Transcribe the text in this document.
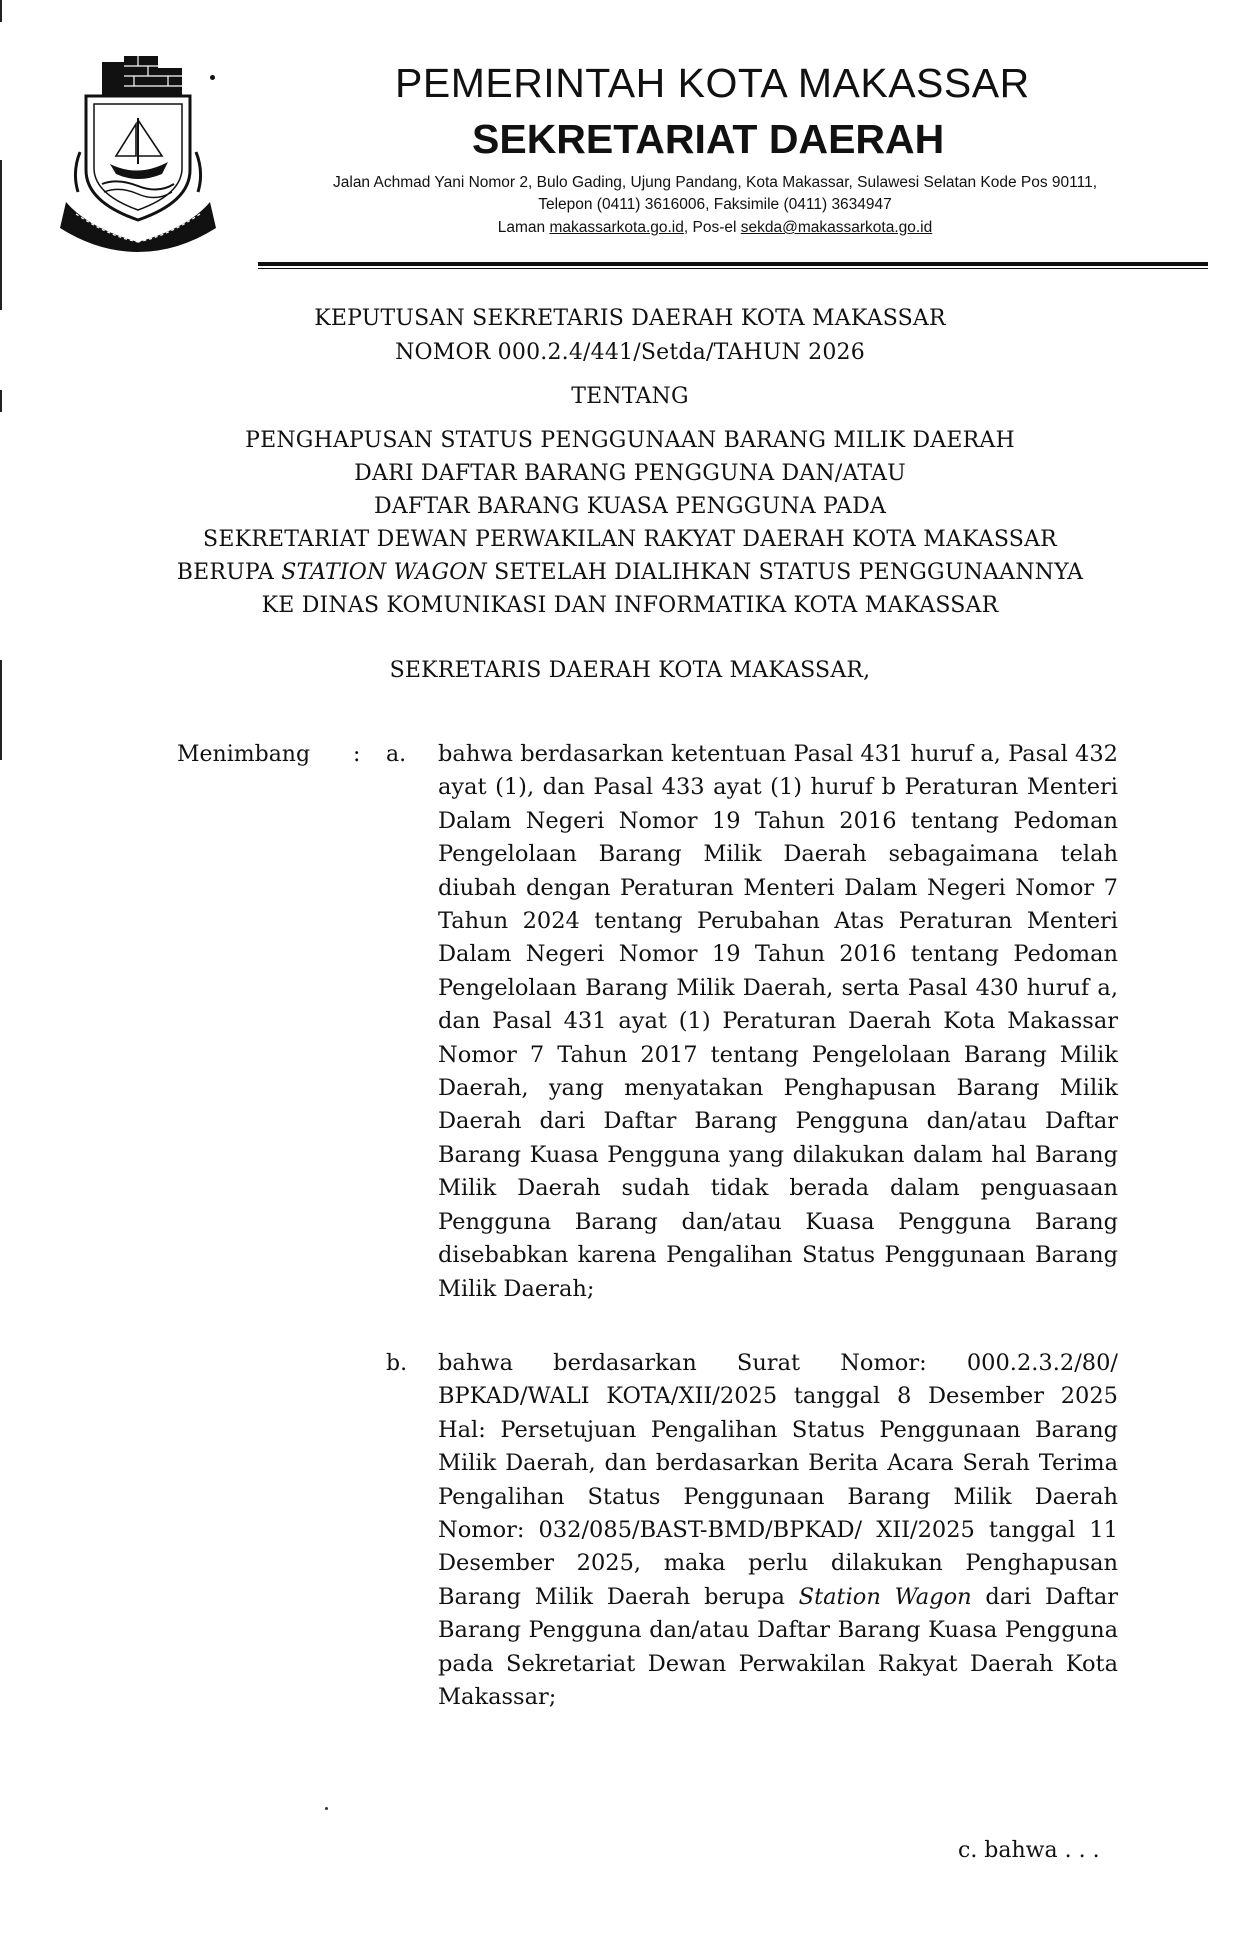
PEMERINTAH KOTA MAKASSAR
SEKRETARIAT DAERAH
Jalan Achmad Yani Nomor 2, Bulo Gading, Ujung Pandang, Kota Makassar, Sulawesi Selatan Kode Pos 90111,
Telepon (0411) 3616006, Faksimile (0411) 3634947
Laman makassarkota.go.id, Pos-el sekda@makassarkota.go.id
KEPUTUSAN SEKRETARIS DAERAH KOTA MAKASSAR
NOMOR 000.2.4/441/Setda/TAHUN 2026
TENTANG
PENGHAPUSAN STATUS PENGGUNAAN BARANG MILIK DAERAH
DARI DAFTAR BARANG PENGGUNA DAN/ATAU
DAFTAR BARANG KUASA PENGGUNA PADA
SEKRETARIAT DEWAN PERWAKILAN RAKYAT DAERAH KOTA MAKASSAR
BERUPA STATION WAGON SETELAH DIALIHKAN STATUS PENGGUNAANNYA
KE DINAS KOMUNIKASI DAN INFORMATIKA KOTA MAKASSAR
SEKRETARIS DAERAH KOTA MAKASSAR,
Menimbang : a. bahwa berdasarkan ketentuan Pasal 431 huruf a, Pasal 432 ayat (1), dan Pasal 433 ayat (1) huruf b Peraturan Menteri Dalam Negeri Nomor 19 Tahun 2016 tentang Pedoman Pengelolaan Barang Milik Daerah sebagaimana telah diubah dengan Peraturan Menteri Dalam Negeri Nomor 7 Tahun 2024 tentang Perubahan Atas Peraturan Menteri Dalam Negeri Nomor 19 Tahun 2016 tentang Pedoman Pengelolaan Barang Milik Daerah, serta Pasal 430 huruf a, dan Pasal 431 ayat (1) Peraturan Daerah Kota Makassar Nomor 7 Tahun 2017 tentang Pengelolaan Barang Milik Daerah, yang menyatakan Penghapusan Barang Milik Daerah dari Daftar Barang Pengguna dan/atau Daftar Barang Kuasa Pengguna yang dilakukan dalam hal Barang Milik Daerah sudah tidak berada dalam penguasaan Pengguna Barang dan/atau Kuasa Pengguna Barang disebabkan karena Pengalihan Status Penggunaan Barang Milik Daerah;
b. bahwa berdasarkan Surat Nomor: 000.2.3.2/80/ BPKAD/WALI KOTA/XII/2025 tanggal 8 Desember 2025 Hal: Persetujuan Pengalihan Status Penggunaan Barang Milik Daerah, dan berdasarkan Berita Acara Serah Terima Pengalihan Status Penggunaan Barang Milik Daerah Nomor: 032/085/BAST-BMD/BPKAD/ XII/2025 tanggal 11 Desember 2025, maka perlu dilakukan Penghapusan Barang Milik Daerah berupa Station Wagon dari Daftar Barang Pengguna dan/atau Daftar Barang Kuasa Pengguna pada Sekretariat Dewan Perwakilan Rakyat Daerah Kota Makassar;
c. bahwa . . .
